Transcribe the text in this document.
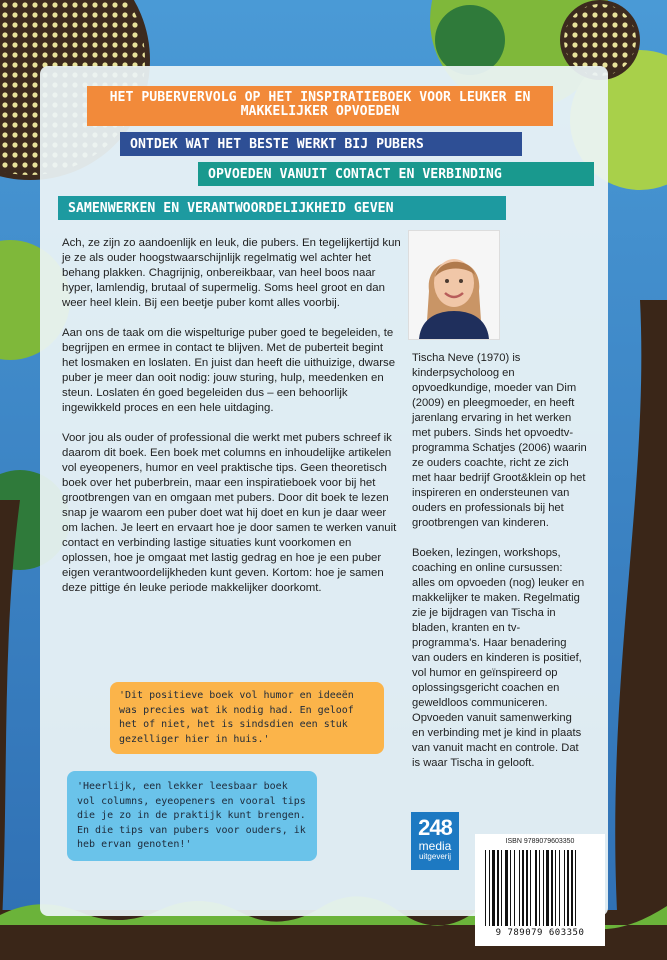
HET PUBERVERVOLG OP HET INSPIRATIEBOEK VOOR LEUKER EN MAKKELIJKER OPVOEDEN
ONTDEK WAT HET BESTE WERKT BIJ PUBERS
OPVOEDEN VANUIT CONTACT EN VERBINDING
SAMENWERKEN EN VERANTWOORDELIJKHEID GEVEN

Ach, ze zijn zo aandoenlijk en leuk, die pubers. En tegelijkertijd kun je ze als ouder hoogstwaarschijnlijk regelmatig wel achter het behang plakken. Chagrijnig, onbereikbaar, van heel boos naar hyper, lamlendig, brutaal of supermelig. Soms heel groot en dan weer heel klein. Bij een beetje puber komt alles voorbij.

Aan ons de taak om die wispelturige puber goed te begeleiden, te begrijpen en ermee in contact te blijven. Met de puberteit begint het losmaken en loslaten. En juist dan heeft die uithuizige, dwarse puber je meer dan ooit nodig: jouw sturing, hulp, meedenken en steun. Loslaten én goed begeleiden dus – een behoorlijk ingewikkeld proces en een hele uitdaging.

Voor jou als ouder of professional die werkt met pubers schreef ik daarom dit boek. Een boek met columns en inhoudelijke artikelen vol eyeopeners, humor en veel praktische tips. Geen theoretisch boek over het puberbrein, maar een inspiratieboek voor bij het grootbrengen van en omgaan met pubers. Door dit boek te lezen snap je waarom een puber doet wat hij doet en kun je daar weer om lachen. Je leert en ervaart hoe je door samen te werken vanuit contact en verbinding lastige situaties kunt voorkomen en oplossen, hoe je omgaat met lastig gedrag en hoe je een puber eigen verantwoordelijkheden kunt geven. Kortom: hoe je samen deze pittige én leuke periode makkelijker doorkomt.

Tischa Neve (1970) is kinderpsycholoog en opvoedkundige, moeder van Dim (2009) en pleegmoeder, en heeft jarenlang ervaring in het werken met pubers. Sinds het opvoedtv-programma Schatjes (2006) waarin ze ouders coachte, richt ze zich met haar bedrijf Groot&klein op het inspireren en ondersteunen van ouders en professionals bij het grootbrengen van kinderen.

Boeken, lezingen, workshops, coaching en online cursussen: alles om opvoeden (nog) leuker en makkelijker te maken. Regelmatig zie je bijdragen van Tischa in bladen, kranten en tv-programma's. Haar benadering van ouders en kinderen is positief, vol humor en geïnspireerd op oplossingsgericht coachen en geweldloos communiceren. Opvoeden vanuit samenwerking en verbinding met je kind in plaats van vanuit macht en controle. Dat is waar Tischa in gelooft.

'Dit positieve boek vol humor en ideeën was precies wat ik nodig had. En geloof het of niet, het is sindsdien een stuk gezelliger hier in huis.'
'Heerlijk, een lekker leesbaar boek vol columns, eyeopeners en vooral tips die je zo in de praktijk kunt brengen. En die tips van pubers voor ouders, ik heb ervan genoten!'
248
media
uitgeverij
ISBN 9789079603350
9 789079 603350
